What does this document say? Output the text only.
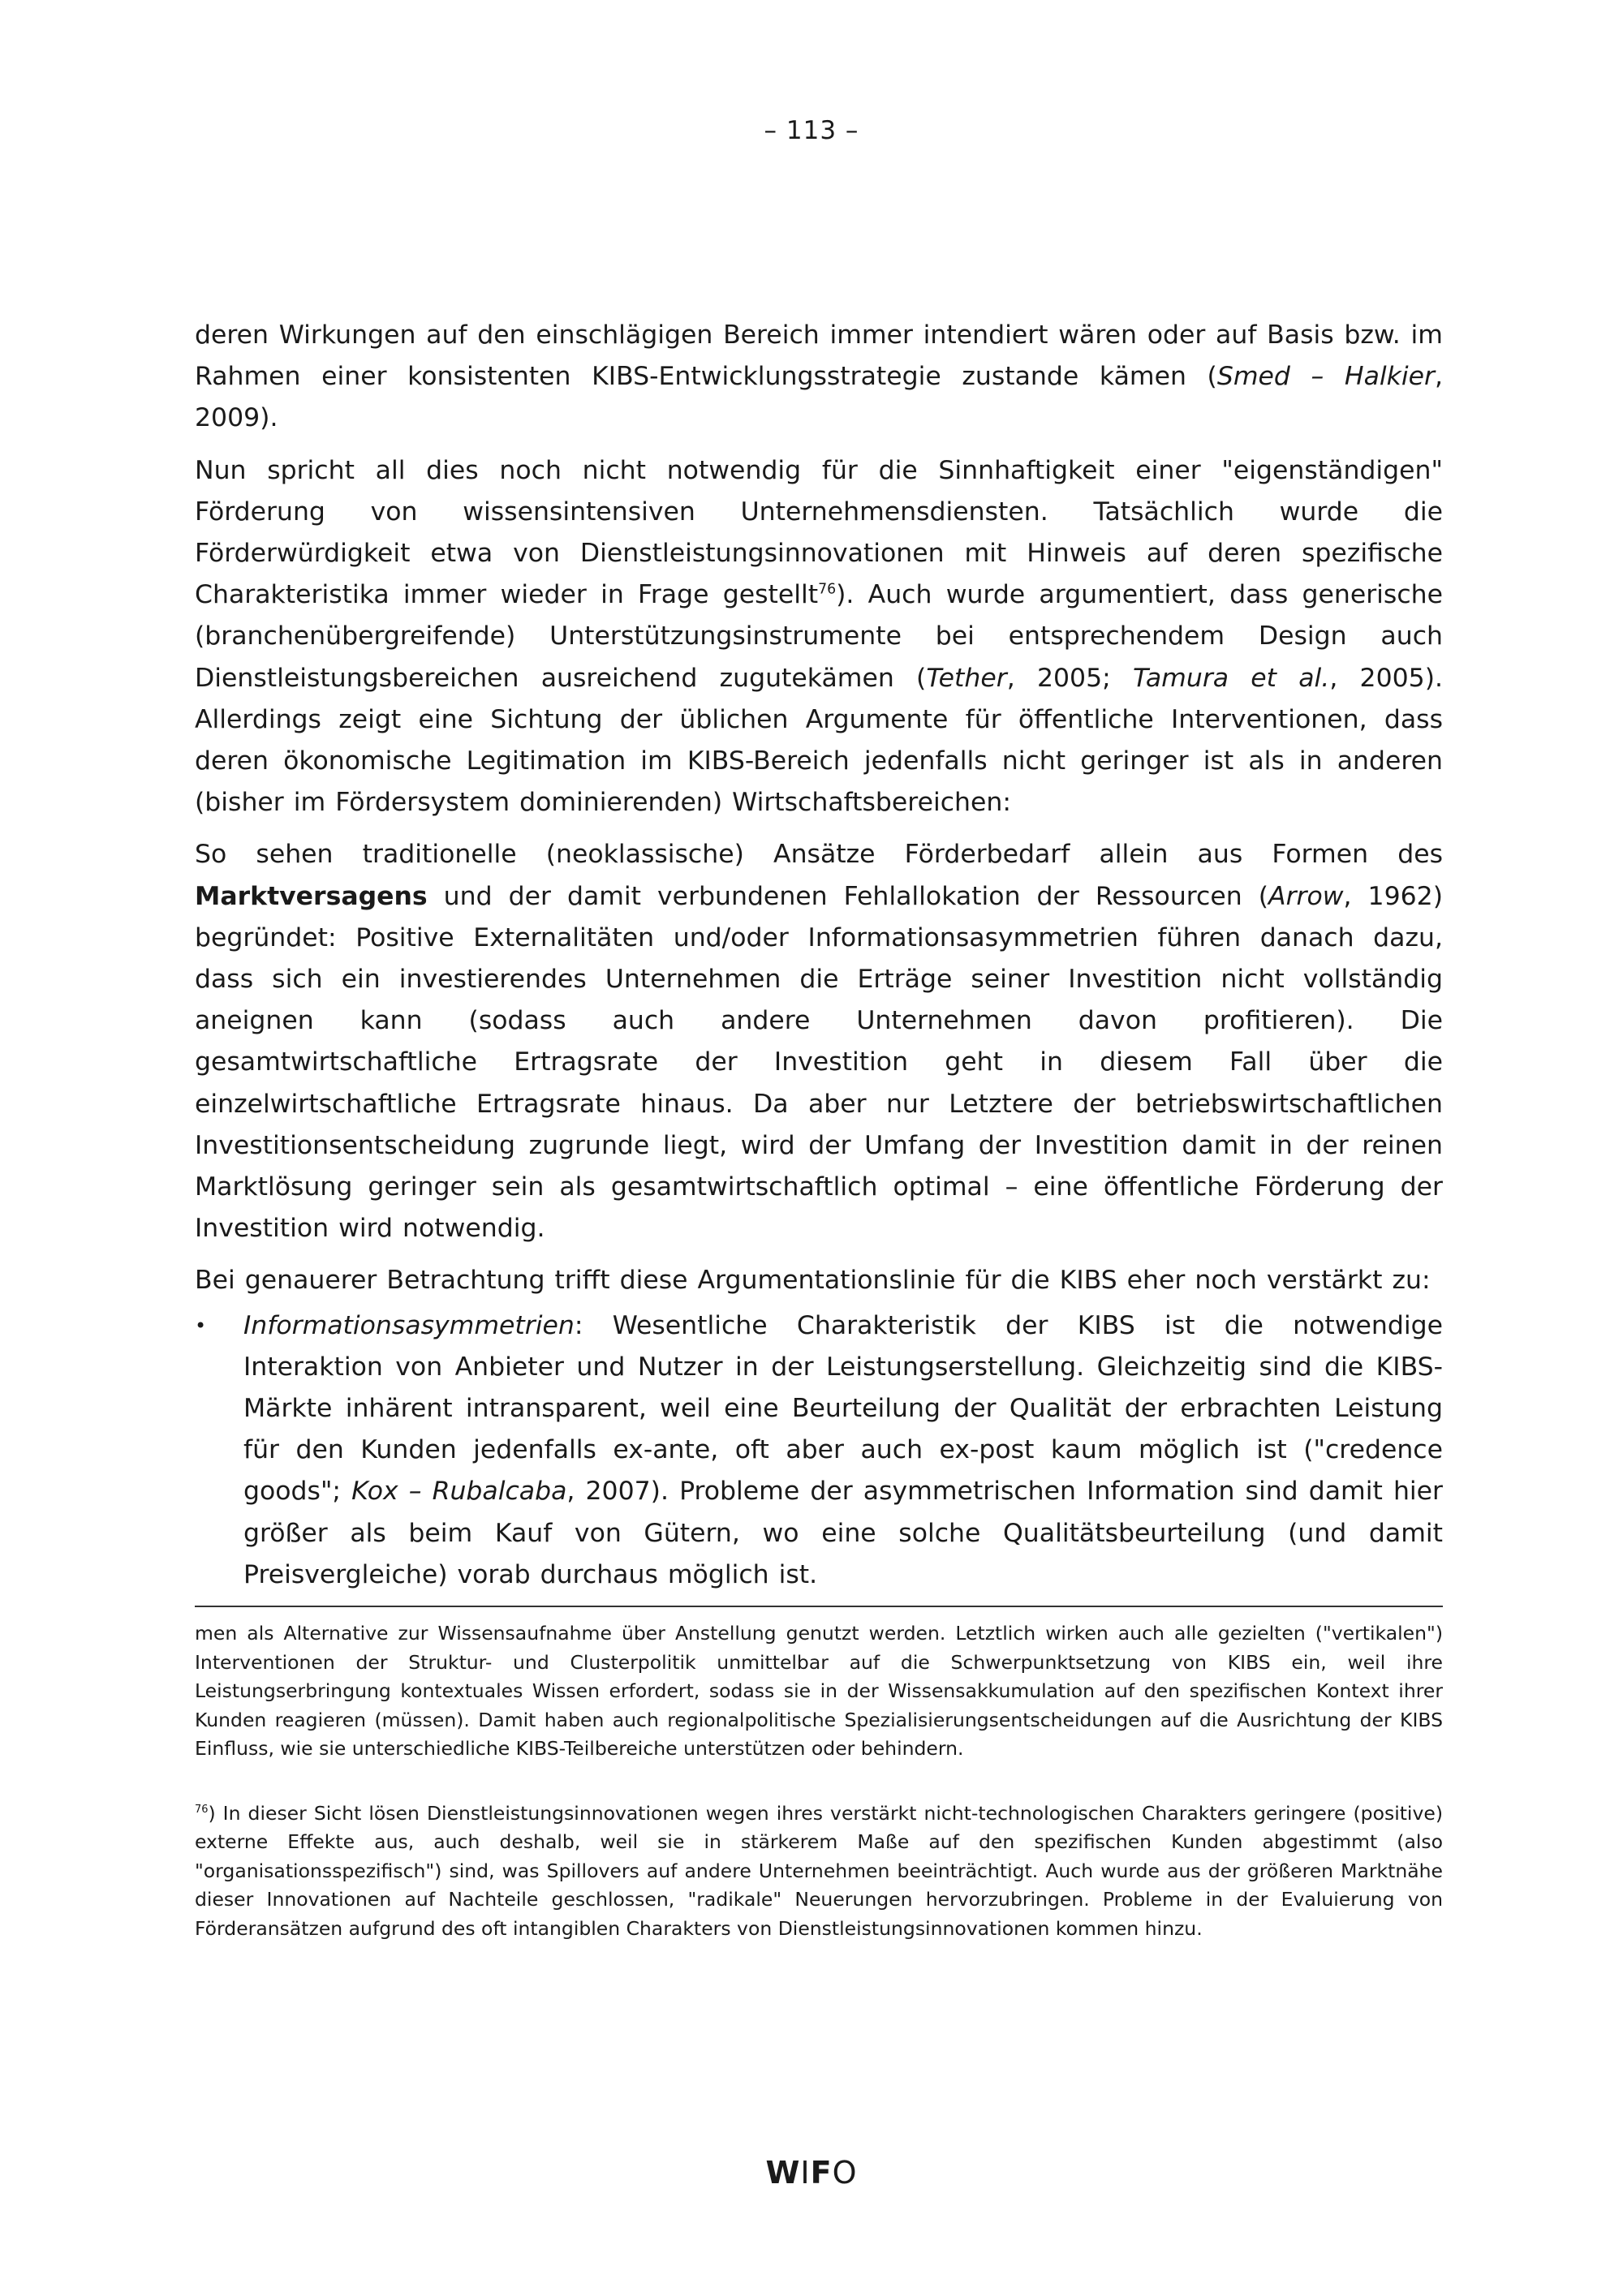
– 113 –

deren Wirkungen auf den einschlägigen Bereich immer intendiert wären oder auf Basis bzw. im Rahmen einer konsistenten KIBS-Entwicklungsstrategie zustande kämen (Smed – Halkier, 2009).

Nun spricht all dies noch nicht notwendig für die Sinnhaftigkeit einer "eigenständigen" Förderung von wissensintensiven Unternehmensdiensten. Tatsächlich wurde die Förderwürdigkeit etwa von Dienstleistungsinnovationen mit Hinweis auf deren spezifische Charakteristika immer wieder in Frage gestellt$^{76}$). Auch wurde argumentiert, dass generische (branchenübergreifende) Unterstützungsinstrumente bei entsprechendem Design auch Dienstleistungsbereichen ausreichend zugutekämen (Tether, 2005; Tamura et al., 2005). Allerdings zeigt eine Sichtung der üblichen Argumente für öffentliche Interventionen, dass deren ökonomische Legitimation im KIBS-Bereich jedenfalls nicht geringer ist als in anderen (bisher im Fördersystem dominierenden) Wirtschaftsbereichen:

So sehen traditionelle (neoklassische) Ansätze Förderbedarf allein aus Formen des Marktversagens und der damit verbundenen Fehlallokation der Ressourcen (Arrow, 1962) begründet: Positive Externalitäten und/oder Informationsasymmetrien führen danach dazu, dass sich ein investierendes Unternehmen die Erträge seiner Investition nicht vollständig aneignen kann (sodass auch andere Unternehmen davon profitieren). Die gesamtwirtschaftliche Ertragsrate der Investition geht in diesem Fall über die einzelwirtschaftliche Ertragsrate hinaus. Da aber nur Letztere der betriebswirtschaftlichen Investitionsentscheidung zugrunde liegt, wird der Umfang der Investition damit in der reinen Marktlösung geringer sein als gesamtwirtschaftlich optimal – eine öffentliche Förderung der Investition wird notwendig.

Bei genauerer Betrachtung trifft diese Argumentationslinie für die KIBS eher noch verstärkt zu:

• Informationsasymmetrien: Wesentliche Charakteristik der KIBS ist die notwendige Interaktion von Anbieter und Nutzer in der Leistungserstellung. Gleichzeitig sind die KIBS-Märkte inhärent intransparent, weil eine Beurteilung der Qualität der erbrachten Leistung für den Kunden jedenfalls ex-ante, oft aber auch ex-post kaum möglich ist ("credence goods"; Kox – Rubalcaba, 2007). Probleme der asymmetrischen Information sind damit hier größer als beim Kauf von Gütern, wo eine solche Qualitätsbeurteilung (und damit Preisvergleiche) vorab durchaus möglich ist.

men als Alternative zur Wissensaufnahme über Anstellung genutzt werden. Letztlich wirken auch alle gezielten ("vertikalen") Interventionen der Struktur- und Clusterpolitik unmittelbar auf die Schwerpunktsetzung von KIBS ein, weil ihre Leistungserbringung kontextuales Wissen erfordert, sodass sie in der Wissensakkumulation auf den spezifischen Kontext ihrer Kunden reagieren (müssen). Damit haben auch regionalpolitische Spezialisierungsentscheidungen auf die Ausrichtung der KIBS Einfluss, wie sie unterschiedliche KIBS-Teilbereiche unterstützen oder behindern.

$^{76}$) In dieser Sicht lösen Dienstleistungsinnovationen wegen ihres verstärkt nicht-technologischen Charakters geringere (positive) externe Effekte aus, auch deshalb, weil sie in stärkerem Maße auf den spezifischen Kunden abgestimmt (also "organisationsspezifisch") sind, was Spillovers auf andere Unternehmen beeinträchtigt. Auch wurde aus der größeren Marktnähe dieser Innovationen auf Nachteile geschlossen, "radikale" Neuerungen hervorzubringen. Probleme in der Evaluierung von Förderansätzen aufgrund des oft intangiblen Charakters von Dienstleistungsinnovationen kommen hinzu.

WIFO
